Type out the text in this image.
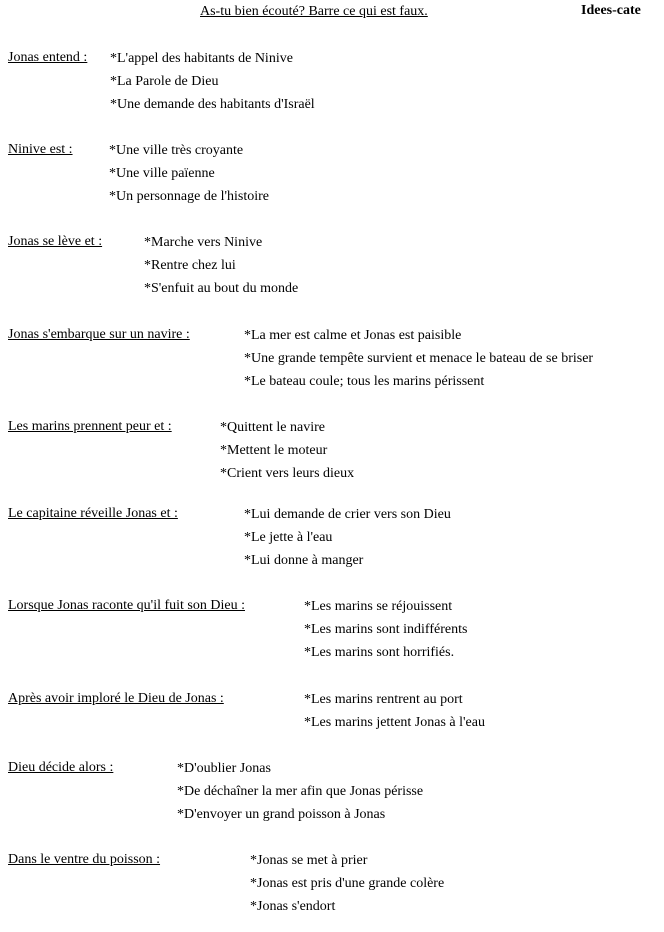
As-tu bien écouté? Barre ce qui est faux.	Idees-cate
Jonas entend : *L'appel des habitants de Ninive
*La Parole de Dieu
*Une demande des habitants d'Israël
Ninive est :	*Une ville très croyante
*Une ville païenne
*Un personnage de l'histoire
Jonas se lève et :	*Marche vers Ninive
*Rentre chez lui
*S'enfuit au bout du monde
Jonas s'embarque sur un navire :	*La mer est calme et Jonas est paisible
*Une grande tempête survient et menace le bateau de se briser
*Le bateau coule; tous les marins périssent
Les marins prennent peur et :	*Quittent le navire
*Mettent le moteur
*Crient vers leurs dieux
Le capitaine réveille Jonas et :	*Lui demande de crier vers son Dieu
*Le jette à l'eau
*Lui donne à manger
Lorsque Jonas raconte qu'il fuit son Dieu :	*Les marins se réjouissent
*Les marins sont indifférents
*Les marins sont horrifiés.
Après avoir imploré le Dieu de Jonas :	*Les marins rentrent au port
*Les marins jettent Jonas à l'eau
Dieu décide alors :	*D'oublier Jonas
*De déchaîner la mer afin que Jonas périsse
*D'envoyer un grand poisson à Jonas
Dans le ventre du poisson :	*Jonas se met à prier
*Jonas est pris d'une grande colère
*Jonas s'endort
